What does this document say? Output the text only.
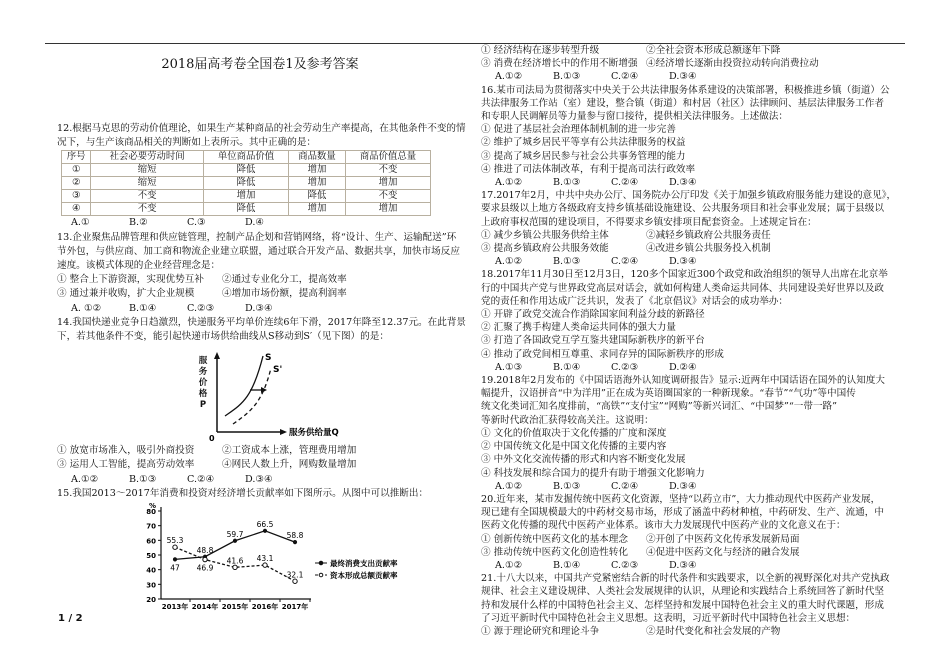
2018届高考卷全国卷1及参考答案
12.根据马克思的劳动价值理论，如果生产某种商品的社会劳动生产率提高，在其他条件不变的情
况下，与生产该商品相关的判断如上表所示。其中正确的是：
序号	社会必要劳动时间	单位商品价值	商品数量	商品价值总量
①	缩短	降低	增加	不变
②	缩短	降低	增加	增加
③	不变	增加	降低	不变
④	不变	降低	增加	增加
A.①	B.②	C.③	D.④
13.企业聚焦品牌管理和供应链管理，控制产品企划和营销网络，将“设计、生产、运输配送”环
节外包，与供应商、加工商和物流企业建立联盟，通过联合开发产品、数据共享，加快市场反应
速度。该模式体现的企业经营理念是：
① 整合上下游资源，实现优势互补 ②通过专业化分工，提高效率
③ 通过兼并收购，扩大企业规模	④增加市场份额，提高利润率
A. ①②	B.①④	C.②③	D.③④
14.我国快递业竞争日趋激烈，快递服务平均单价连续6年下滑，2017年降至12.37元。在此背景
下，若其他条件不变，能引起快递市场供给曲线从S移动到S′（见下图）的是：
S
S'
0
服务供给量Q
服务价格P
① 放宽市场准入，吸引外商投资	②工资成本上涨，管理费用增加
③ 运用人工智能，提高劳动效率	④网民人数上升，网购数量增加
A.①②	B.①③	C.②④	D.③④
15.我国2013～2017年消费和投资对经济增长贡献率如下图所示。从图中可以推断出：
%
20
30
40
50
60
70
80
2013年 2014年 2015年 2016年 2017年
47
48.8
59.7
66.5
58.8
最终消费支出贡献率
55.3
46.9
41.6 43.1
32.1	资本形成总额贡献率
1 / 2
① 经济结构在逐步转型升级	②全社会资本形成总额逐年下降
③ 消费在经济增长中的作用不断增强 ④经济增长逐渐由投资拉动转向消费拉动
A.①②	B.①③	C.②④	D.③④
16.某市司法局为贯彻落实中央关于公共法律服务体系建设的决策部署，积极推进乡镇（街道）公
共法律服务工作站（室）建设，整合镇（街道）和村居（社区）法律顾问、基层法律服务工作者
和专职人民调解员等力量参与窗口接待，提供相关法律服务。上述做法：
① 促进了基层社会治理体制机制的进一步完善
② 维护了城乡居民平等享有公共法律服务的权益
③ 提高了城乡居民参与社会公共事务管理的能力
④ 推进了司法体制改革，有利于提高司法行政效率
A.①②	B.①③	C.②④	D.③④
17.2017年2月，中共中央办公厅、国务院办公厅印发《关于加强乡镇政府服务能力建设的意见》，
要求县级以上地方各级政府支持乡镇基础设施建设、公共服务项目和社会事业发展；属于县级以
上政府事权范围的建设项目，不得要求乡镇安排项目配套资金。上述规定旨在：
① 减少乡镇公共服务供给主体	②减轻乡镇政府公共服务责任
③ 提高乡镇政府公共服务效能	④改进乡镇公共服务投入机制
A.①②	B.①③	C.②④	D.③④
18.2017年11月30日至12月3日，120多个国家近300个政党和政治组织的领导人出席在北京举
行的中国共产党与世界政党高层对话会，就如何构建人类命运共同体、共同建设美好世界以及政
党的责任和作用达成广泛共识，发表了《北京倡议》对话会的成功举办：
① 开辟了政党交流合作消除国家间利益分歧的新路径
② 汇聚了携手构建人类命运共同体的强大力量
③ 打造了各国政党互学互鉴共建国际新秩序的新平台
④ 推动了政党间相互尊重、求同存异的国际新秩序的形成
A.①③	B.①④	C.②③	D.②④
19.2018年2月发布的《中国话语海外认知度调研报告》显示:近两年中国话语在国外的认知度大
幅提升，汉语拼音“中为洋用”正在成为英语圈国家的一种新现象。“春节”“气功”等中国传
统文化类词汇知名度排前，“高铁”“支付宝”“网购”等新兴词汇、“中国梦”“一带一路”
等新时代政治汇获得较高关注。这说明：
① 文化的价值取决于文化传播的广度和深度
② 中国传统文化是中国文化传播的主要内容
③ 中外文化交流传播的形式和内容不断变化发展
④ 科技发展和综合国力的提升有助于增强文化影响力
A.①②	B.①③	C.②④	D.③④
20.近年来，某市发掘传统中医药文化资源，坚持“以药立市”，大力推动现代中医药产业发展，
现已建有全国规模最大的中药材交易市场，形成了涵盖中药材种植，中药研发、生产、流通，中
医药文化传播的现代中医药产业体系。该市大力发展现代中医药产业的文化意义在于：
① 创新传统中医药文化的基本理念 ②开创了中医药文化传承发展新局面
③ 推动传统中医药文化创造性转化 ④促进中医药文化与经济的融合发展
A.①②	B.①④	C.②③	D.③④
21.十八大以来，中国共产党紧密结合新的时代条件和实践要求，以全新的视野深化对共产党执政
规律、社会主义建设规律、人类社会发展规律的认识，从理论和实践结合上系统回答了新时代坚
持和发展什么样的中国特色社会主义、怎样坚持和发展中国特色社会主义的重大时代课题，形成
了习近平新时代中国特色社会主义思想。这表明，习近平新时代中国特色社会主义思想：
① 源于理论研究和理论斗争	②是时代变化和社会发展的产物
